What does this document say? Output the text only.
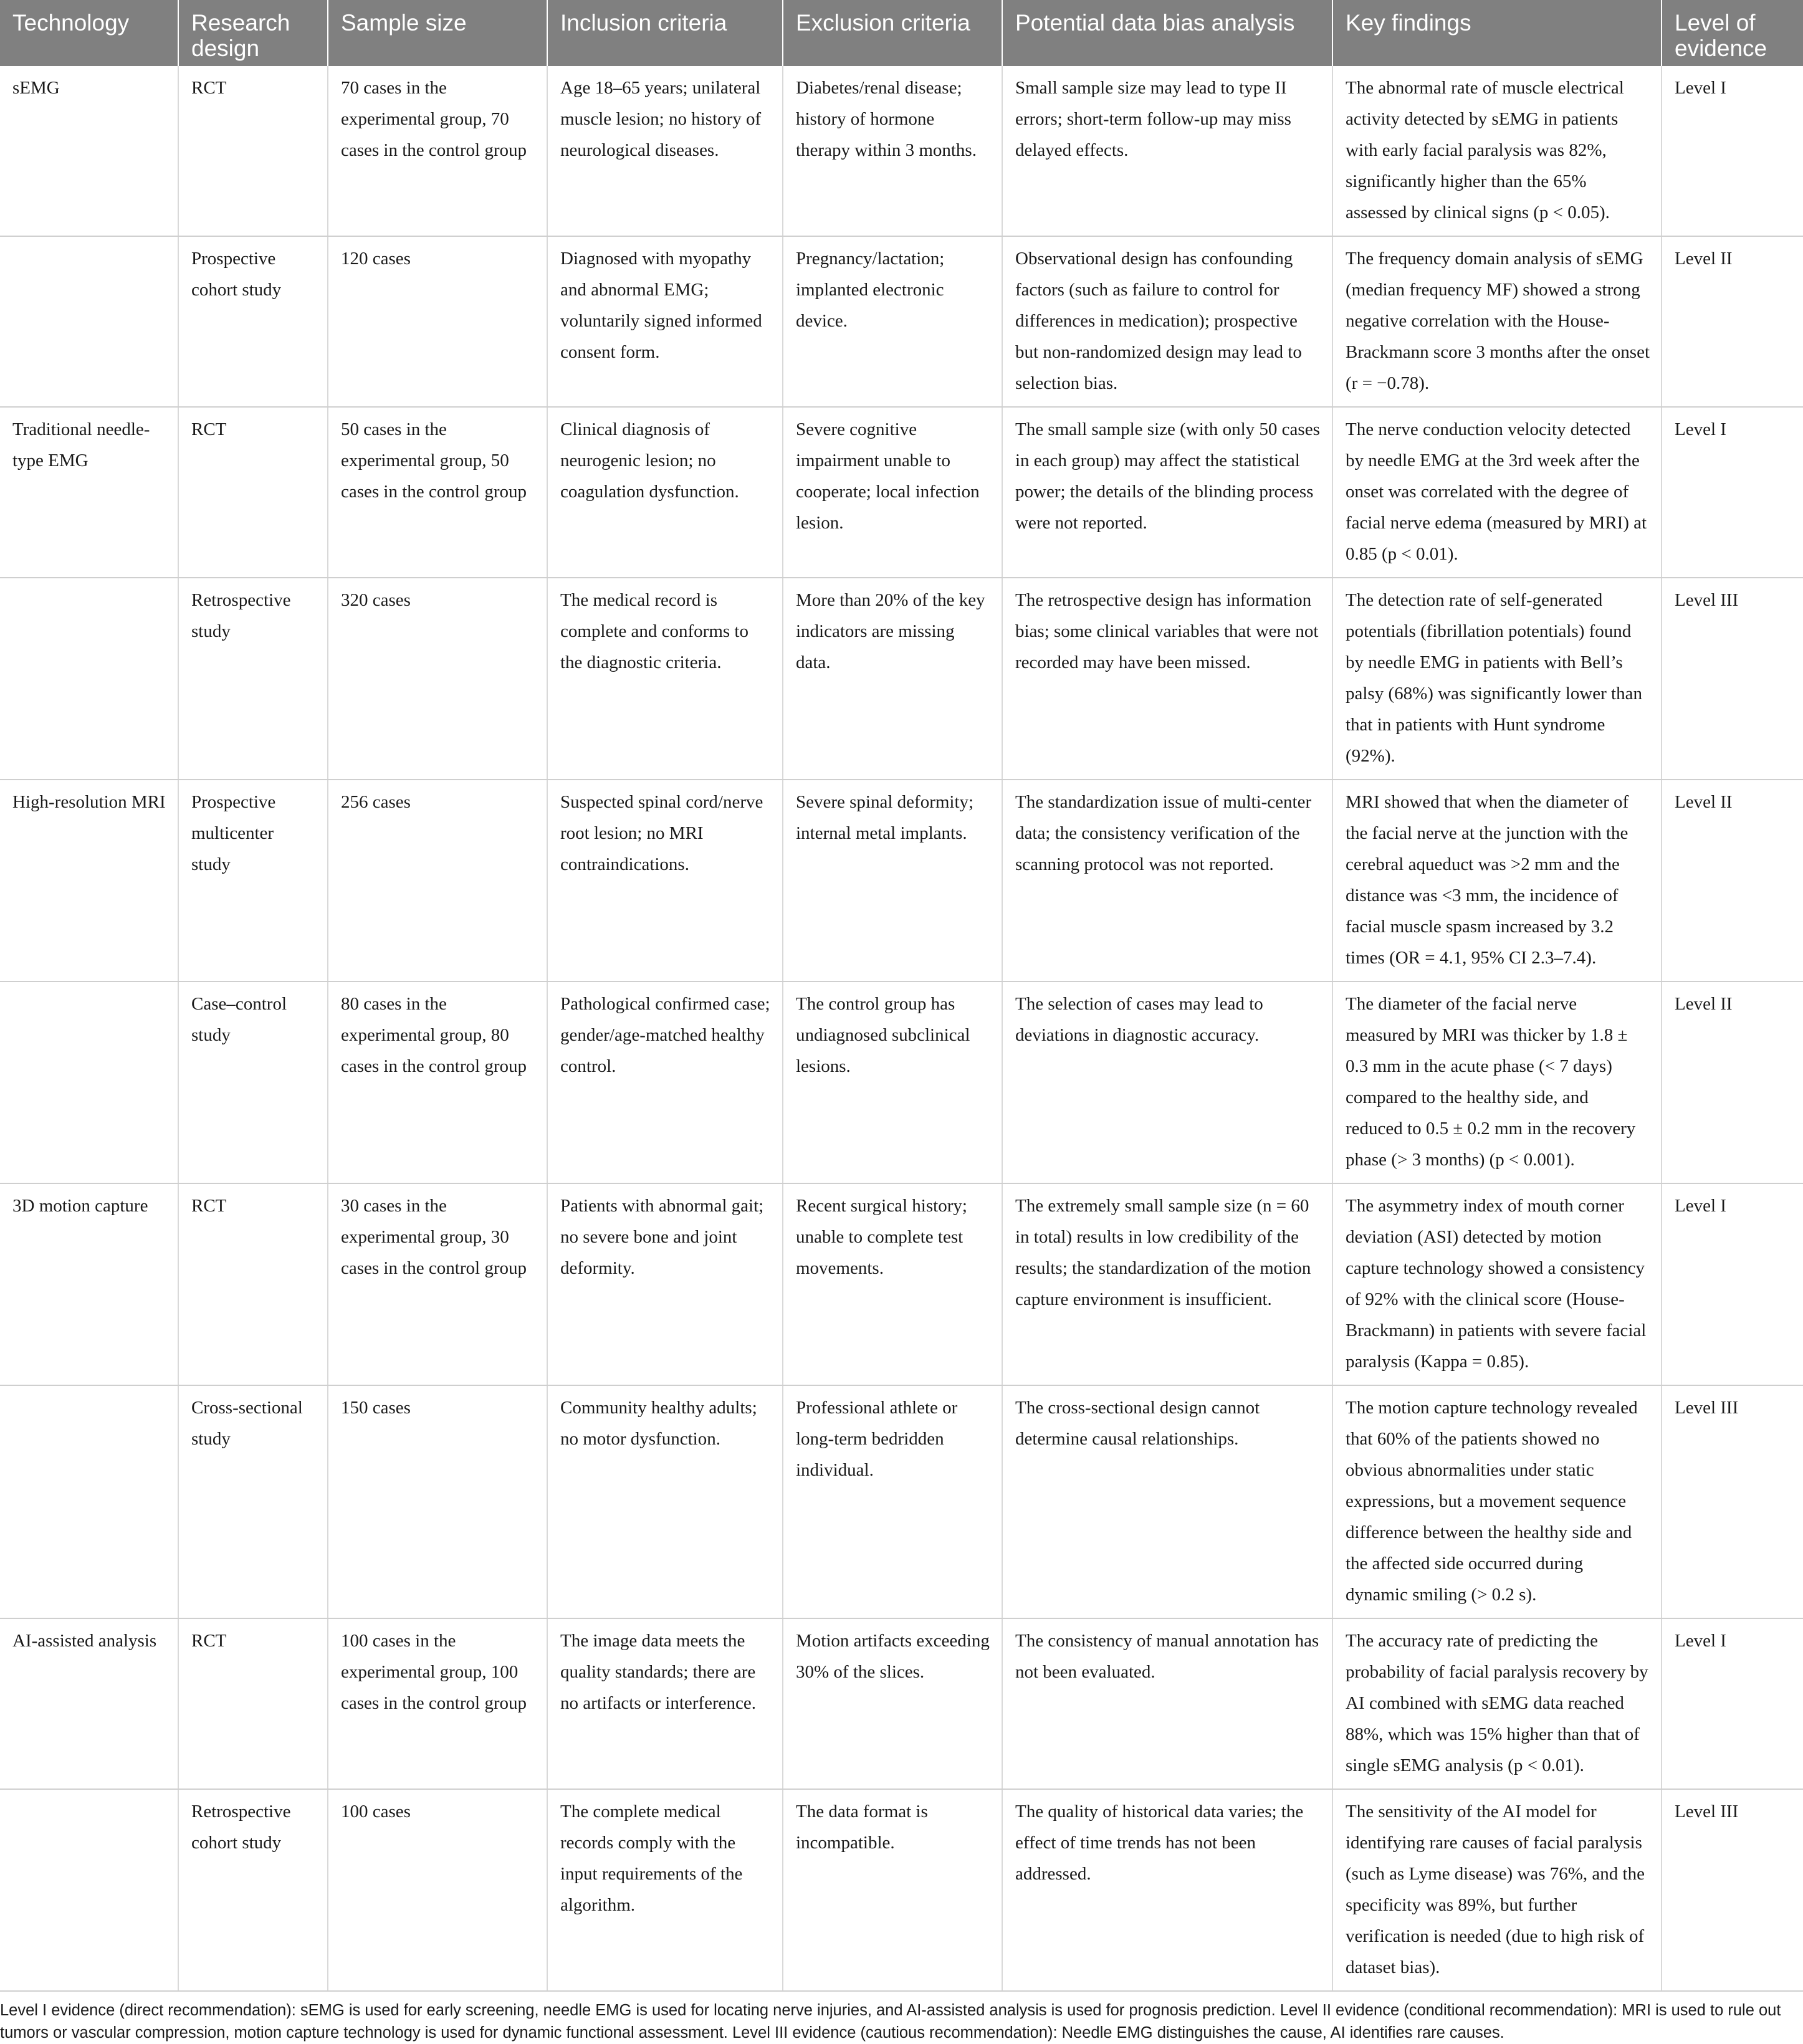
Technology	Research design	Sample size	Inclusion criteria	Exclusion criteria	Potential data bias analysis	Key findings	Level of evidence
sEMG	RCT	70 cases in the experimental group, 70 cases in the control group	Age 18–65 years; unilateral muscle lesion; no history of neurological diseases.	Diabetes/renal disease; history of hormone therapy within 3 months.	Small sample size may lead to type II errors; short-term follow-up may miss delayed effects.	The abnormal rate of muscle electrical activity detected by sEMG in patients with early facial paralysis was 82%, significantly higher than the 65% assessed by clinical signs (p < 0.05).	Level I
	Prospective cohort study	120 cases	Diagnosed with myopathy and abnormal EMG; voluntarily signed informed consent form.	Pregnancy/lactation; implanted electronic device.	Observational design has confounding factors (such as failure to control for differences in medication); prospective but non-randomized design may lead to selection bias.	The frequency domain analysis of sEMG (median frequency MF) showed a strong negative correlation with the House-Brackmann score 3 months after the onset (r = −0.78).	Level II
Traditional needle-type EMG	RCT	50 cases in the experimental group, 50 cases in the control group	Clinical diagnosis of neurogenic lesion; no coagulation dysfunction.	Severe cognitive impairment unable to cooperate; local infection lesion.	The small sample size (with only 50 cases in each group) may affect the statistical power; the details of the blinding process were not reported.	The nerve conduction velocity detected by needle EMG at the 3rd week after the onset was correlated with the degree of facial nerve edema (measured by MRI) at 0.85 (p < 0.01).	Level I
	Retrospective study	320 cases	The medical record is complete and conforms to the diagnostic criteria.	More than 20% of the key indicators are missing data.	The retrospective design has information bias; some clinical variables that were not recorded may have been missed.	The detection rate of self-generated potentials (fibrillation potentials) found by needle EMG in patients with Bell’s palsy (68%) was significantly lower than that in patients with Hunt syndrome (92%).	Level III
High-resolution MRI	Prospective multicenter study	256 cases	Suspected spinal cord/nerve root lesion; no MRI contraindications.	Severe spinal deformity; internal metal implants.	The standardization issue of multi-center data; the consistency verification of the scanning protocol was not reported.	MRI showed that when the diameter of the facial nerve at the junction with the cerebral aqueduct was >2 mm and the distance was <3 mm, the incidence of facial muscle spasm increased by 3.2 times (OR = 4.1, 95% CI 2.3–7.4).	Level II
	Case–control study	80 cases in the experimental group, 80 cases in the control group	Pathological confirmed case; gender/age-matched healthy control.	The control group has undiagnosed subclinical lesions.	The selection of cases may lead to deviations in diagnostic accuracy.	The diameter of the facial nerve measured by MRI was thicker by 1.8 ± 0.3 mm in the acute phase (< 7 days) compared to the healthy side, and reduced to 0.5 ± 0.2 mm in the recovery phase (> 3 months) (p < 0.001).	Level II
3D motion capture	RCT	30 cases in the experimental group, 30 cases in the control group	Patients with abnormal gait; no severe bone and joint deformity.	Recent surgical history; unable to complete test movements.	The extremely small sample size (n = 60 in total) results in low credibility of the results; the standardization of the motion capture environment is insufficient.	The asymmetry index of mouth corner deviation (ASI) detected by motion capture technology showed a consistency of 92% with the clinical score (House-Brackmann) in patients with severe facial paralysis (Kappa = 0.85).	Level I
	Cross-sectional study	150 cases	Community healthy adults; no motor dysfunction.	Professional athlete or long-term bedridden individual.	The cross-sectional design cannot determine causal relationships.	The motion capture technology revealed that 60% of the patients showed no obvious abnormalities under static expressions, but a movement sequence difference between the healthy side and the affected side occurred during dynamic smiling (> 0.2 s).	Level III
AI-assisted analysis	RCT	100 cases in the experimental group, 100 cases in the control group	The image data meets the quality standards; there are no artifacts or interference.	Motion artifacts exceeding 30% of the slices.	The consistency of manual annotation has not been evaluated.	The accuracy rate of predicting the probability of facial paralysis recovery by AI combined with sEMG data reached 88%, which was 15% higher than that of single sEMG analysis (p < 0.01).	Level I
	Retrospective cohort study	100 cases	The complete medical records comply with the input requirements of the algorithm.	The data format is incompatible.	The quality of historical data varies; the effect of time trends has not been addressed.	The sensitivity of the AI model for identifying rare causes of facial paralysis (such as Lyme disease) was 76%, and the specificity was 89%, but further verification is needed (due to high risk of dataset bias).	Level III

Level I evidence (direct recommendation): sEMG is used for early screening, needle EMG is used for locating nerve injuries, and AI-assisted analysis is used for prognosis prediction. Level II evidence (conditional recommendation): MRI is used to rule out tumors or vascular compression, motion capture technology is used for dynamic functional assessment. Level III evidence (cautious recommendation): Needle EMG distinguishes the cause, AI identifies rare causes.
